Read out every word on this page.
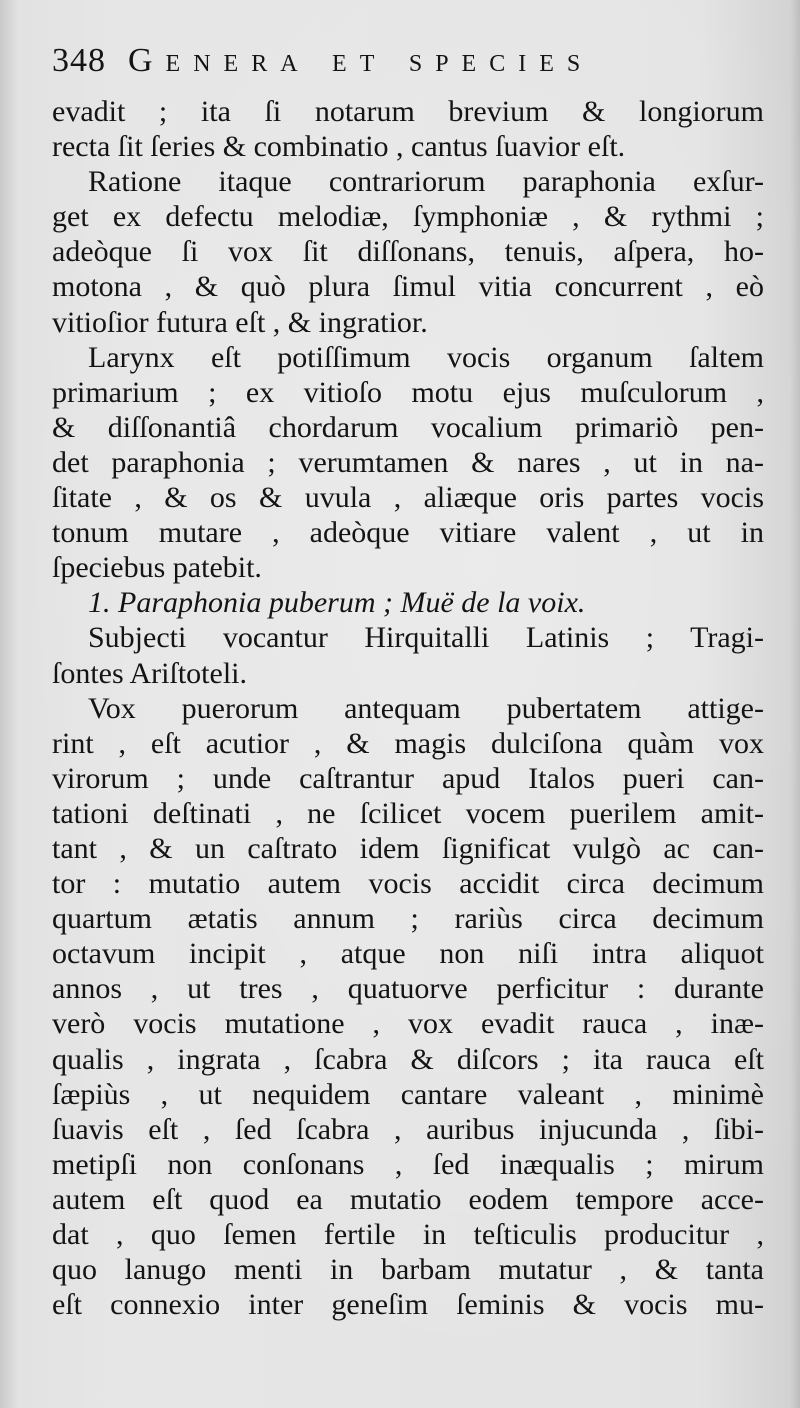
348 Genera et species
evadit ; ita ſi notarum brevium & longiorum
recta ſit ſeries & combinatio , cantus ſuavior eſt.
Ratione itaque contrariorum paraphonia exſur-
get ex defectu melodiæ, ſymphoniæ , & rythmi ;
adeòque ſi vox ſit diſſonans, tenuis, aſpera, ho-
motona , & quò plura ſimul vitia concurrent , eò
vitioſior futura eſt , & ingratior.
Larynx eſt potiſſimum vocis organum ſaltem
primarium ; ex vitioſo motu ejus muſculorum ,
& diſſonantiâ chordarum vocalium primariò pen-
det paraphonia ; verumtamen & nares , ut in na-
ſitate , & os & uvula , aliæque oris partes vocis
tonum mutare , adeòque vitiare valent , ut in
ſpeciebus patebit.
1. Paraphonia puberum ; Muë de la voix.
Subjecti vocantur Hirquitalli Latinis ; Tragi-
ſontes Ariſtoteli.
Vox puerorum antequam pubertatem attige-
rint , eſt acutior , & magis dulciſona quàm vox
virorum ; unde caſtrantur apud Italos pueri can-
tationi deſtinati , ne ſcilicet vocem puerilem amit-
tant , & un caſtrato idem ſignificat vulgò ac can-
tor : mutatio autem vocis accidit circa decimum
quartum ætatis annum ; rariùs circa decimum
octavum incipit , atque non niſi intra aliquot
annos , ut tres , quatuorve perficitur : durante
verò vocis mutatione , vox evadit rauca , inæ-
qualis , ingrata , ſcabra & diſcors ; ita rauca eſt
ſæpiùs , ut nequidem cantare valeant , minimè
ſuavis eſt , ſed ſcabra , auribus injucunda , ſibi-
metipſi non conſonans , ſed inæqualis ; mirum
autem eſt quod ea mutatio eodem tempore acce-
dat , quo ſemen fertile in teſticulis producitur ,
quo lanugo menti in barbam mutatur , & tanta
eſt connexio inter geneſim ſeminis & vocis mu-
